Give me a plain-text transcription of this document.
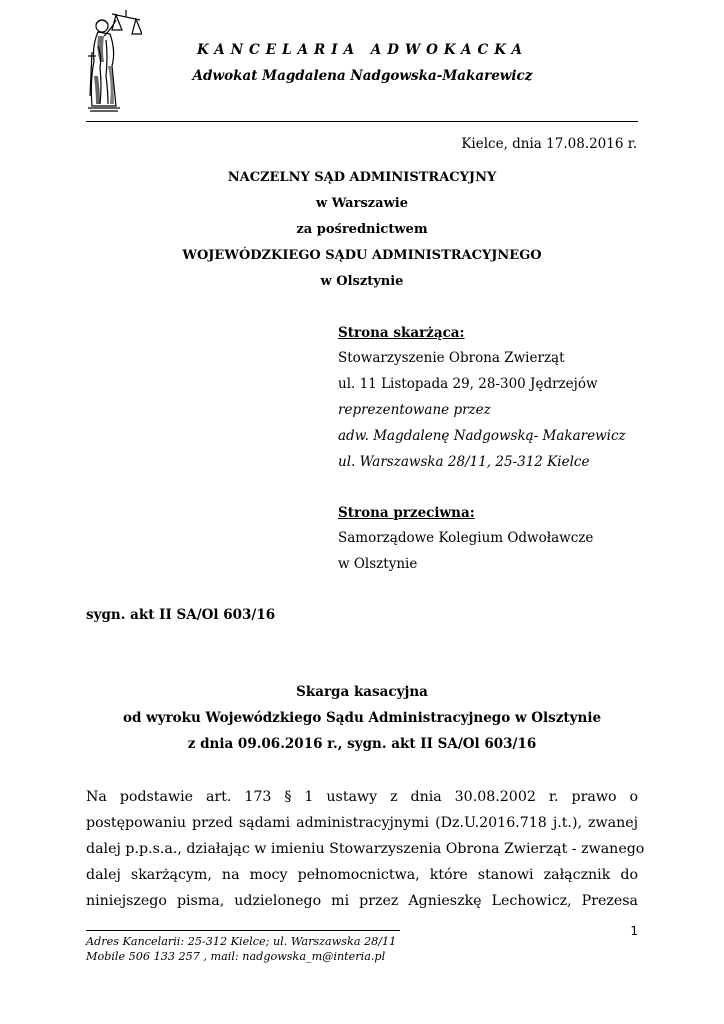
KANCELARIA ADWOKACKA
Adwokat Magdalena Nadgowska-Makarewicz
Kielce, dnia 17.08.2016 r.
NACZELNY SĄD ADMINISTRACYJNY
w Warszawie
za pośrednictwem
WOJEWÓDZKIEGO SĄDU ADMINISTRACYJNEGO
w Olsztynie
Strona skarżąca:
Stowarzyszenie Obrona Zwierząt
ul. 11 Listopada 29, 28-300 Jędrzejów
reprezentowane przez
adw. Magdalenę Nadgowską- Makarewicz
ul. Warszawska 28/11, 25-312 Kielce
Strona przeciwna:
Samorządowe Kolegium Odwoławcze
w Olsztynie
sygn. akt II SA/Ol 603/16
Skarga kasacyjna
od wyroku Wojewódzkiego Sądu Administracyjnego w Olsztynie
z dnia 09.06.2016 r., sygn. akt II SA/Ol 603/16
Na podstawie art. 173 § 1 ustawy z dnia 30.08.2002 r. prawo o
postępowaniu przed sądami administracyjnymi (Dz.U.2016.718 j.t.), zwanej
dalej p.p.s.a., działając w imieniu Stowarzyszenia Obrona Zwierząt - zwanego
dalej skarżącym, na mocy pełnomocnictwa, które stanowi załącznik do
niniejszego pisma, udzielonego mi przez Agnieszkę Lechowicz, Prezesa
1
Adres Kancelarii: 25-312 Kielce; ul. Warszawska 28/11
Mobile 506 133 257 , mail: nadgowska_m@interia.pl
